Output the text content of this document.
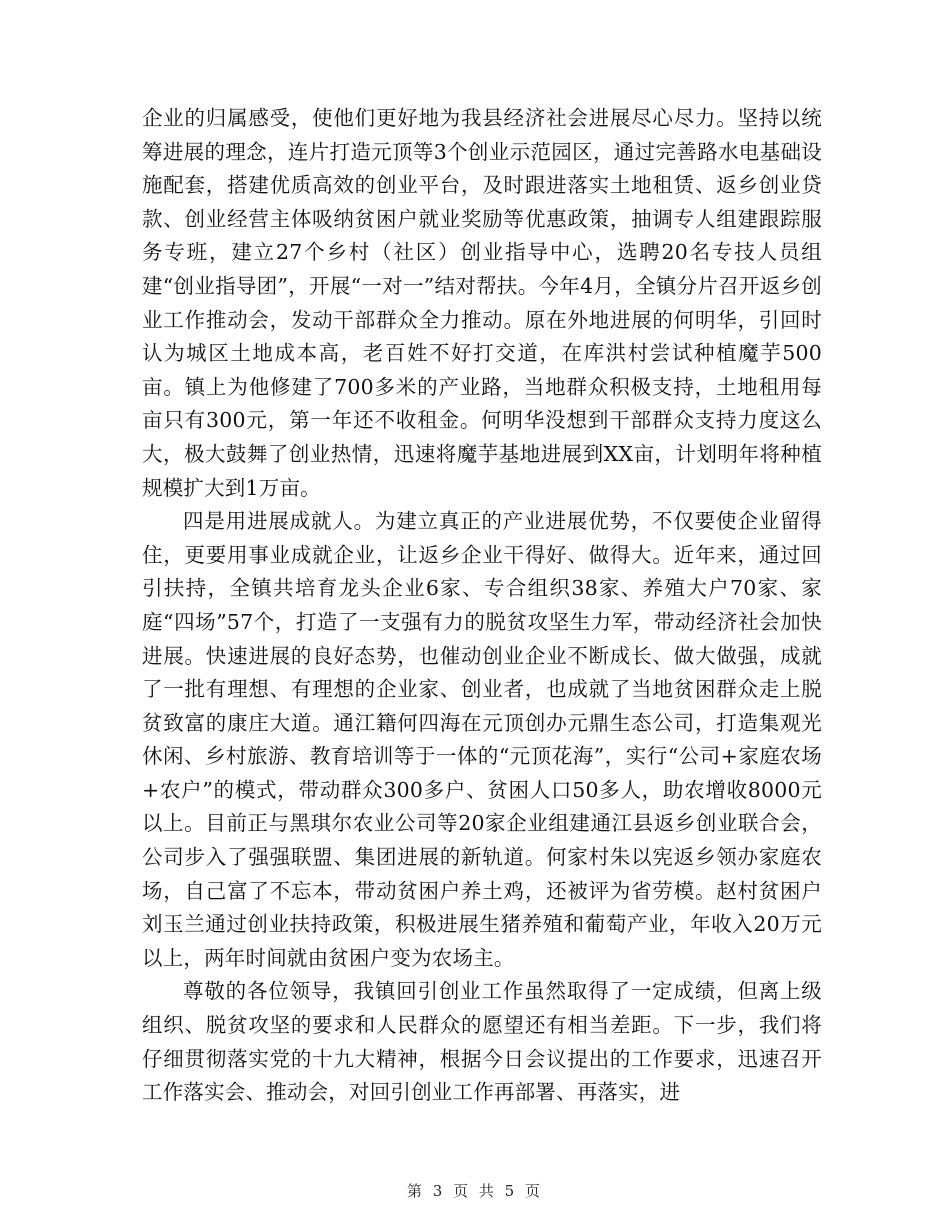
企业的归属感受，使他们更好地为我县经济社会进展尽心尽力。坚持以统筹进展的理念，连片打造元顶等3个创业示范园区，通过完善路水电基础设施配套，搭建优质高效的创业平台，及时跟进落实土地租赁、返乡创业贷款、创业经营主体吸纳贫困户就业奖励等优惠政策，抽调专人组建跟踪服务专班，建立27个乡村（社区）创业指导中心，选聘20名专技人员组建“创业指导团”，开展“一对一”结对帮扶。今年4月，全镇分片召开返乡创业工作推动会，发动干部群众全力推动。原在外地进展的何明华，引回时认为城区土地成本高，老百姓不好打交道，在库洪村尝试种植魔芋500亩。镇上为他修建了700多米的产业路，当地群众积极支持，土地租用每亩只有300元，第一年还不收租金。何明华没想到干部群众支持力度这么大，极大鼓舞了创业热情，迅速将魔芋基地进展到XX亩，计划明年将种植规模扩大到1万亩。

四是用进展成就人。为建立真正的产业进展优势，不仅要使企业留得住，更要用事业成就企业，让返乡企业干得好、做得大。近年来，通过回引扶持，全镇共培育龙头企业6家、专合组织38家、养殖大户70家、家庭“四场”57个，打造了一支强有力的脱贫攻坚生力军，带动经济社会加快进展。快速进展的良好态势，也催动创业企业不断成长、做大做强，成就了一批有理想、有理想的企业家、创业者，也成就了当地贫困群众走上脱贫致富的康庄大道。通江籍何四海在元顶创办元鼎生态公司，打造集观光休闲、乡村旅游、教育培训等于一体的“元顶花海”，实行“公司+家庭农场+农户”的模式，带动群众300多户、贫困人口50多人，助农增收8000元以上。目前正与黑琪尔农业公司等20家企业组建通江县返乡创业联合会，公司步入了强强联盟、集团进展的新轨道。何家村朱以宪返乡领办家庭农场，自己富了不忘本，带动贫困户养土鸡，还被评为省劳模。赵村贫困户刘玉兰通过创业扶持政策，积极进展生猪养殖和葡萄产业，年收入20万元以上，两年时间就由贫困户变为农场主。

尊敬的各位领导，我镇回引创业工作虽然取得了一定成绩，但离上级组织、脱贫攻坚的要求和人民群众的愿望还有相当差距。下一步，我们将仔细贯彻落实党的十九大精神，根据今日会议提出的工作要求，迅速召开工作落实会、推动会，对回引创业工作再部署、再落实，进

第 3 页 共 5 页
